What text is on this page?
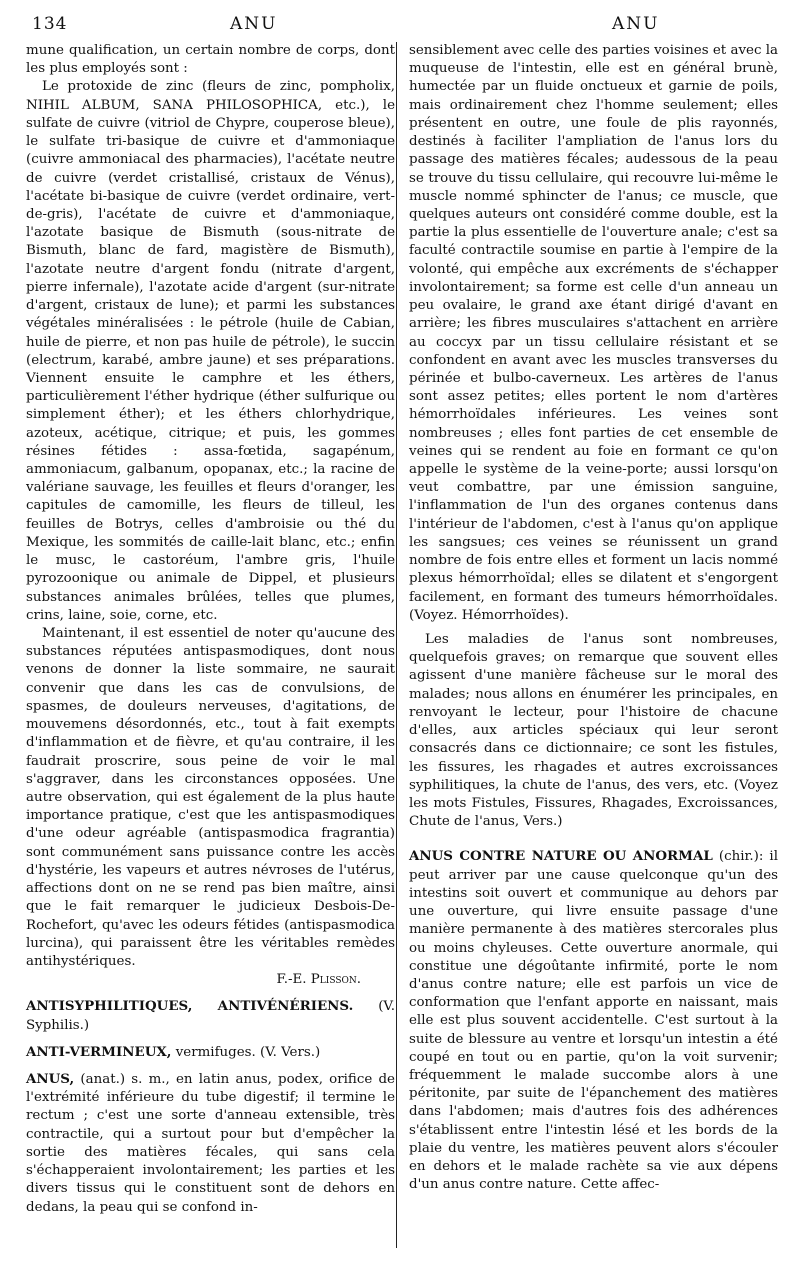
134	ANU	ANU

mune qualification, un certain nombre de corps, dont les plus employés sont :

Le protoxide de zinc (fleurs de zinc, pompholix, NIHIL ALBUM, SANA PHILOSOPHICA, etc.), le sulfate de cuivre (vitriol de Chypre, couperose bleue), le sulfate tri-basique de cuivre et d'ammoniaque (cuivre ammoniacal des pharmacies), l'acétate neutre de cuivre (verdet cristallisé, cristaux de Vénus), l'acétate bi-basique de cuivre (verdet ordinaire, vert-de-gris), l'acétate de cuivre et d'ammoniaque, l'azotate basique de Bismuth (sous-nitrate de Bismuth, blanc de fard, magistère de Bismuth), l'azotate neutre d'argent fondu (nitrate d'argent, pierre infernale), l'azotate acide d'argent (sur-nitrate d'argent, cristaux de lune); et parmi les substances végétales minéralisées : le pétrole (huile de Cabian, huile de pierre, et non pas huile de pétrole), le succin (electrum, karabé, ambre jaune) et ses préparations. Viennent ensuite le camphre et les éthers, particulièrement l'éther hydrique (éther sulfurique ou simplement éther); et les éthers chlorhydrique, azoteux, acétique, citrique; et puis, les gommes résines fétides : assa-fœtida, sagapénum, ammoniacum, galbanum, opopanax, etc.; la racine de valériane sauvage, les feuilles et fleurs d'oranger, les capitules de camomille, les fleurs de tilleul, les feuilles de Botrys, celles d'ambroisie ou thé du Mexique, les sommités de caille-lait blanc, etc.; enfin le musc, le castoréum, l'ambre gris, l'huile pyrozoonique ou animale de Dippel, et plusieurs substances animales brûlées, telles que plumes, crins, laine, soie, corne, etc.

Maintenant, il est essentiel de noter qu'aucune des substances réputées antispasmodiques, dont nous venons de donner la liste sommaire, ne saurait convenir que dans les cas de convulsions, de spasmes, de douleurs nerveuses, d'agitations, de mouvemens désordonnés, etc., tout à fait exempts d'inflammation et de fièvre, et qu'au contraire, il les faudrait proscrire, sous peine de voir le mal s'aggraver, dans les circonstances opposées. Une autre observation, qui est également de la plus haute importance pratique, c'est que les antispasmodiques d'une odeur agréable (antispasmodica fragrantia) sont communément sans puissance contre les accès d'hystérie, les vapeurs et autres névroses de l'utérus, affections dont on ne se rend pas bien maître, ainsi que le fait remarquer le judicieux Desbois-De-Rochefort, qu'avec les odeurs fétides (antispasmodica lurcina), qui paraissent être les véritables remèdes antihystériques.

F.-E. Plisson.

ANTISYPHILITIQUES, ANTIVÉNÉRIENS. (V. Syphilis.)

ANTI-VERMINEUX, vermifuges. (V. Vers.)

ANUS, (anat.) s. m., en latin anus, podex, orifice de l'extrémité inférieure du tube digestif; il termine le rectum ; c'est une sorte d'anneau extensible, très contractile, qui a surtout pour but d'empêcher la sortie des matières fécales, qui sans cela s'échapperaient involontairement; les parties et les divers tissus qui le constituent sont de dehors en dedans, la peau qui se confond in-

sensiblement avec celle des parties voisines et avec la muqueuse de l'intestin, elle est en général brunè, humectée par un fluide onctueux et garnie de poils, mais ordinairement chez l'homme seulement; elles présentent en outre, une foule de plis rayonnés, destinés à faciliter l'ampliation de l'anus lors du passage des matières fécales; audessous de la peau se trouve du tissu cellulaire, qui recouvre lui-même le muscle nommé sphincter de l'anus; ce muscle, que quelques auteurs ont considéré comme double, est la partie la plus essentielle de l'ouverture anale; c'est sa faculté contractile soumise en partie à l'empire de la volonté, qui empêche aux excréments de s'échapper involontairement; sa forme est celle d'un anneau un peu ovalaire, le grand axe étant dirigé d'avant en arrière; les fibres musculaires s'attachent en arrière au coccyx par un tissu cellulaire résistant et se confondent en avant avec les muscles transverses du périnée et bulbo-caverneux. Les artères de l'anus sont assez petites; elles portent le nom d'artères hémorrhoïdales inférieures. Les veines sont nombreuses ; elles font parties de cet ensemble de veines qui se rendent au foie en formant ce qu'on appelle le système de la veine-porte; aussi lorsqu'on veut combattre, par une émission sanguine, l'inflammation de l'un des organes contenus dans l'intérieur de l'abdomen, c'est à l'anus qu'on applique les sangsues; ces veines se réunissent un grand nombre de fois entre elles et forment un lacis nommé plexus hémorrhoïdal; elles se dilatent et s'engorgent facilement, en formant des tumeurs hémorrhoïdales. (Voyez. Hémorrhoïdes).

Les maladies de l'anus sont nombreuses, quelquefois graves; on remarque que souvent elles agissent d'une manière fâcheuse sur le moral des malades; nous allons en énumérer les principales, en renvoyant le lecteur, pour l'histoire de chacune d'elles, aux articles spéciaux qui leur seront consacrés dans ce dictionnaire; ce sont les fistules, les fissures, les rhagades et autres excroissances syphilitiques, la chute de l'anus, des vers, etc. (Voyez les mots Fistules, Fissures, Rhagades, Excroissances, Chute de l'anus, Vers.)

ANUS CONTRE NATURE OU ANORMAL (chir.): il peut arriver par une cause quelconque qu'un des intestins soit ouvert et communique au dehors par une ouverture, qui livre ensuite passage d'une manière permanente à des matières stercorales plus ou moins chyleuses. Cette ouverture anormale, qui constitue une dégoûtante infirmité, porte le nom d'anus contre nature; elle est parfois un vice de conformation que l'enfant apporte en naissant, mais elle est plus souvent accidentelle. C'est surtout à la suite de blessure au ventre et lorsqu'un intestin a été coupé en tout ou en partie, qu'on la voit survenir; fréquemment le malade succombe alors à une péritonite, par suite de l'épanchement des matières dans l'abdomen; mais d'autres fois des adhérences s'établissent entre l'intestin lésé et les bords de la plaie du ventre, les matières peuvent alors s'écouler en dehors et le malade rachète sa vie aux dépens d'un anus contre nature. Cette affec-
